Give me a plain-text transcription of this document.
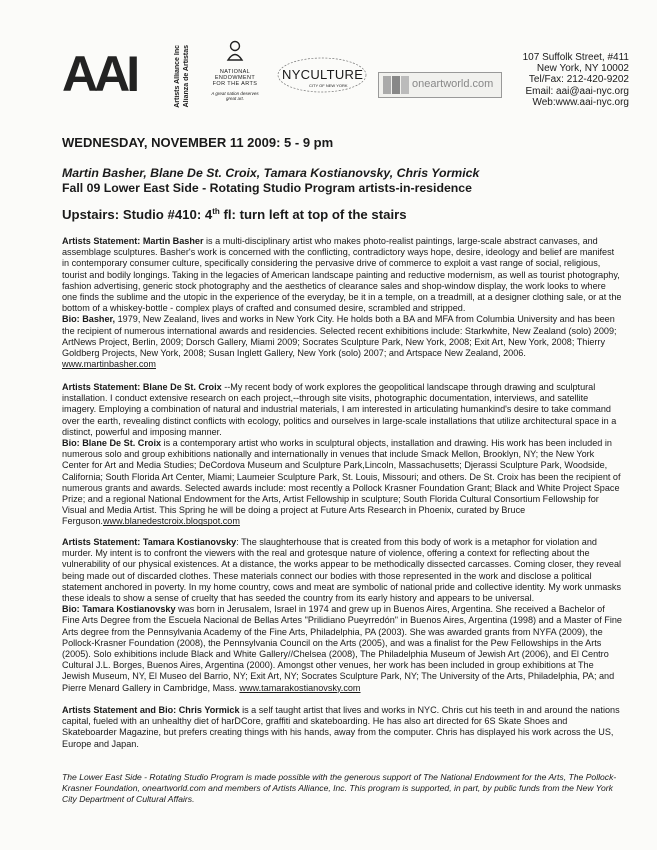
AAI	Artists Alliance Inc Alianza de Artistas	NATIONAL
ENDOWMENT
FOR THE ARTS
A great nation deserves great art.
NYCULTURE
CITY OF NEW YORK	oneartworld.com
107 Suffolk Street, #411
New York, NY 10002
Tel/Fax: 212-420-9202
Email: aai@aai-nyc.org
Web:www.aai-nyc.org
WEDNESDAY, NOVEMBER 11 2009: 5 - 9 pm
Martin Basher, Blane De St. Croix, Tamara Kostianovsky, Chris Yormick
Fall 09 Lower East Side - Rotating Studio Program artists-in-residence
Upstairs: Studio #410: 4th fl: turn left at top of the stairs

Artists Statement: Martin Basher is a multi-disciplinary artist who makes photo-realist paintings, large-scale abstract canvases, and assemblage sculptures. Basher's work is concerned with the conflicting, contradictory ways hope, desire, ideology and belief are manifest in contemporary consumer culture, specifically considering the pervasive drive of commerce to exploit a vast range of social, religious, tourist and bodily longings. Taking in the legacies of American landscape painting and reductive modernism, as well as tourist photography, fashion advertising, generic stock photography and the aesthetics of clearance sales and shop-window display, the work looks to where one finds the sublime and the utopic in the experience of the everyday, be it in a temple, on a treadmill, at a designer clothing sale, or at the bottom of a whiskey-bottle - complex plays of crafted and consumed desire, scrambled and stripped.

Bio: Basher, 1979, New Zealand, lives and works in New York City. He holds both a BA and MFA from Columbia University and has been the recipient of numerous international awards and residencies. Selected recent exhibitions include: Starkwhite, New Zealand (solo) 2009; ArtNews Project, Berlin, 2009; Dorsch Gallery, Miami 2009; Socrates Sculpture Park, New York, 2008; Exit Art, New York, 2008; Thierry Goldberg Projects, New York, 2008; Susan Inglett Gallery, New York (solo) 2007; and Artspace New Zealand, 2006.

www.martinbasher.com

Artists Statement: Blane De St. Croix --My recent body of work explores the geopolitical landscape through drawing and sculptural installation. I conduct extensive research on each project,--through site visits, photographic documentation, interviews, and satellite imagery. Employing a combination of natural and industrial materials, I am interested in articulating humankind's desire to take command over the earth, revealing distinct conflicts with ecology, politics and ourselves in large-scale installations that utilize architectural space in a distinct, powerful and imposing manner.

Bio: Blane De St. Croix is a contemporary artist who works in sculptural objects, installation and drawing. His work has been included in numerous solo and group exhibitions nationally and internationally in venues that include Smack Mellon, Brooklyn, NY; the New York Center for Art and Media Studies; DeCordova Museum and Sculpture Park,Lincoln, Massachusetts; Djerassi Sculpture Park, Woodside, California; South Florida Art Center, Miami; Laumeier Sculpture Park, St. Louis, Missouri; and others. De St. Croix has been the recipient of numerous grants and awards. Selected awards include: most recently a Pollock Krasner Foundation Grant; Black and White Project Space Prize; and a regional National Endowment for the Arts, Artist Fellowship in sculpture; South Florida Cultural Consortium Fellowship for Visual and Media Artist. This Spring he will be doing a project at Future Arts Research in Phoenix, curated by Bruce Ferguson.www.blanedestcroix.blogspot.com

Artists Statement: Tamara Kostianovsky: The slaughterhouse that is created from this body of work is a metaphor for violation and murder. My intent is to confront the viewers with the real and grotesque nature of violence, offering a context for reflecting about the vulnerability of our physical existences. At a distance, the works appear to be methodically dissected carcasses. Coming closer, they reveal being made out of discarded clothes. These materials connect our bodies with those represented in the work and disclose a political statement anchored in poverty. In my home country, cows and meat are symbolic of national pride and collective identity. My work unmasks these ideals to show a sense of cruelty that has seeded the country from its early history and appears to be universal.

Bio: Tamara Kostianovsky was born in Jerusalem, Israel in 1974 and grew up in Buenos Aires, Argentina. She received a Bachelor of Fine Arts Degree from the Escuela Nacional de Bellas Artes "Prilidiano Pueyrredón" in Buenos Aires, Argentina (1998) and a Master of Fine Arts degree from the Pennsylvania Academy of the Fine Arts, Philadelphia, PA (2003). She was awarded grants from NYFA (2009), the Pollock-Krasner Foundation (2008), the Pennsylvania Council on the Arts (2005), and was a finalist for the Pew Fellowships in the Arts (2005). Solo exhibitions include Black and White Gallery//Chelsea (2008), The Philadelphia Museum of Jewish Art (2006), and El Centro Cultural J.L. Borges, Buenos Aires, Argentina (2000). Amongst other venues, her work has been included in group exhibitions at The Jewish Museum, NY, El Museo del Barrio, NY; Exit Art, NY; Socrates Sculpture Park, NY; The University of the Arts, Philadelphia, PA; and Pierre Menard Gallery in Cambridge, Mass. www.tamarakostianovsky.com

Artists Statement and Bio: Chris Yormick is a self taught artist that lives and works in NYC. Chris cut his teeth in and around the nations capital, fueled with an unhealthy diet of harDCore, graffiti and skateboarding. He has also art directed for 6S Skate Shoes and Skateboarder Magazine, but prefers creating things with his hands, away from the computer. Chris has displayed his work across the US, Europe and Japan.

The Lower East Side - Rotating Studio Program is made possible with the generous support of The National Endowment for the Arts, The Pollock-Krasner Foundation, oneartworld.com and members of Artists Alliance, Inc. This program is supported, in part, by public funds from the New York City Department of Cultural Affairs.
